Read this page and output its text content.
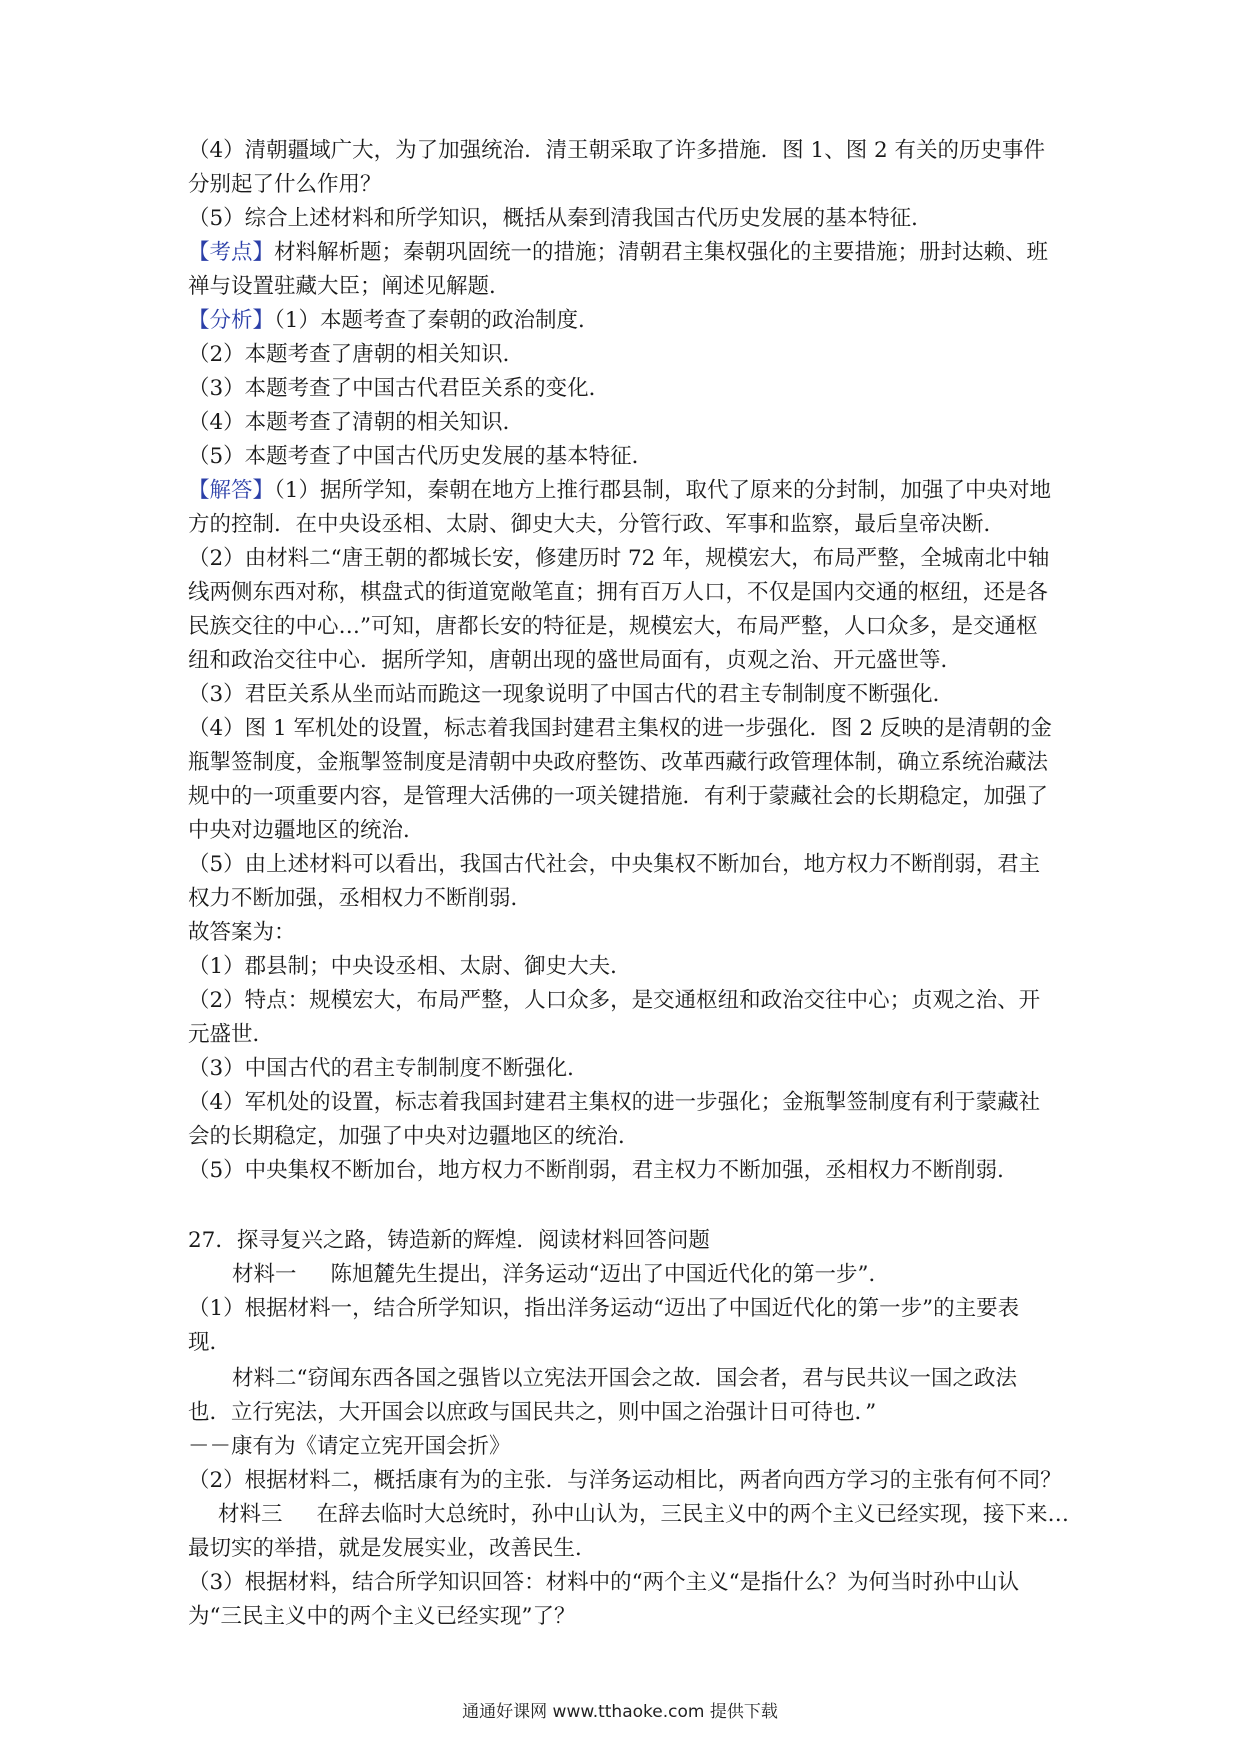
（4）清朝疆域广大，为了加强统治．清王朝采取了许多措施．图 1、图 2 有关的历史事件
分别起了什么作用？
（5）综合上述材料和所学知识，概括从秦到清我国古代历史发展的基本特征．
【考点】材料解析题；秦朝巩固统一的措施；清朝君主集权强化的主要措施；册封达赖、班
禅与设置驻藏大臣；阐述见解题．
【分析】（1）本题考查了秦朝的政治制度．
（2）本题考查了唐朝的相关知识．
（3）本题考查了中国古代君臣关系的变化．
（4）本题考查了清朝的相关知识．
（5）本题考查了中国古代历史发展的基本特征．
【解答】（1）据所学知，秦朝在地方上推行郡县制，取代了原来的分封制，加强了中央对地
方的控制．在中央设丞相、太尉、御史大夫，分管行政、军事和监察，最后皇帝决断．
（2）由材料二“唐王朝的都城长安，修建历时 72 年，规模宏大，布局严整，全城南北中轴
线两侧东西对称，棋盘式的街道宽敞笔直；拥有百万人口，不仅是国内交通的枢纽，还是各
民族交往的中心…”可知，唐都长安的特征是，规模宏大，布局严整，人口众多，是交通枢
纽和政治交往中心．据所学知，唐朝出现的盛世局面有，贞观之治、开元盛世等．
（3）君臣关系从坐而站而跪这一现象说明了中国古代的君主专制制度不断强化．
（4）图 1 军机处的设置，标志着我国封建君主集权的进一步强化．图 2 反映的是清朝的金
瓶掣签制度，金瓶掣签制度是清朝中央政府整饬、改革西藏行政管理体制，确立系统治藏法
规中的一项重要内容，是管理大活佛的一项关键措施．有利于蒙藏社会的长期稳定，加强了
中央对边疆地区的统治．
（5）由上述材料可以看出，我国古代社会，中央集权不断加台，地方权力不断削弱，君主
权力不断加强，丞相权力不断削弱．
故答案为：
（1）郡县制；中央设丞相、太尉、御史大夫．
（2）特点：规模宏大，布局严整，人口众多，是交通枢纽和政治交往中心；贞观之治、开
元盛世．
（3）中国古代的君主专制制度不断强化．
（4）军机处的设置，标志着我国封建君主集权的进一步强化；金瓶掣签制度有利于蒙藏社
会的长期稳定，加强了中央对边疆地区的统治．
（5）中央集权不断加台，地方权力不断削弱，君主权力不断加强，丞相权力不断削弱．
27．探寻复兴之路，铸造新的辉煌．阅读材料回答问题
材料一 陈旭麓先生提出，洋务运动“迈出了中国近代化的第一步”．
（1）根据材料一，结合所学知识，指出洋务运动“迈出了中国近代化的第一步”的主要表
现．
材料二“窃闻东西各国之强皆以立宪法开国会之故．国会者，君与民共议一国之政法
也．立行宪法，大开国会以庶政与国民共之，则中国之治强计日可待也．”
－－康有为《请定立宪开国会折》
（2）根据材料二，概括康有为的主张．与洋务运动相比，两者向西方学习的主张有何不同？
材料三 在辞去临时大总统时，孙中山认为，三民主义中的两个主义已经实现，接下来…
最切实的举措，就是发展实业，改善民生．
（3）根据材料，结合所学知识回答：材料中的“两个主义“是指什么？为何当时孙中山认
为“三民主义中的两个主义已经实现”了？
通通好课网 www.tthaoke.com 提供下载
